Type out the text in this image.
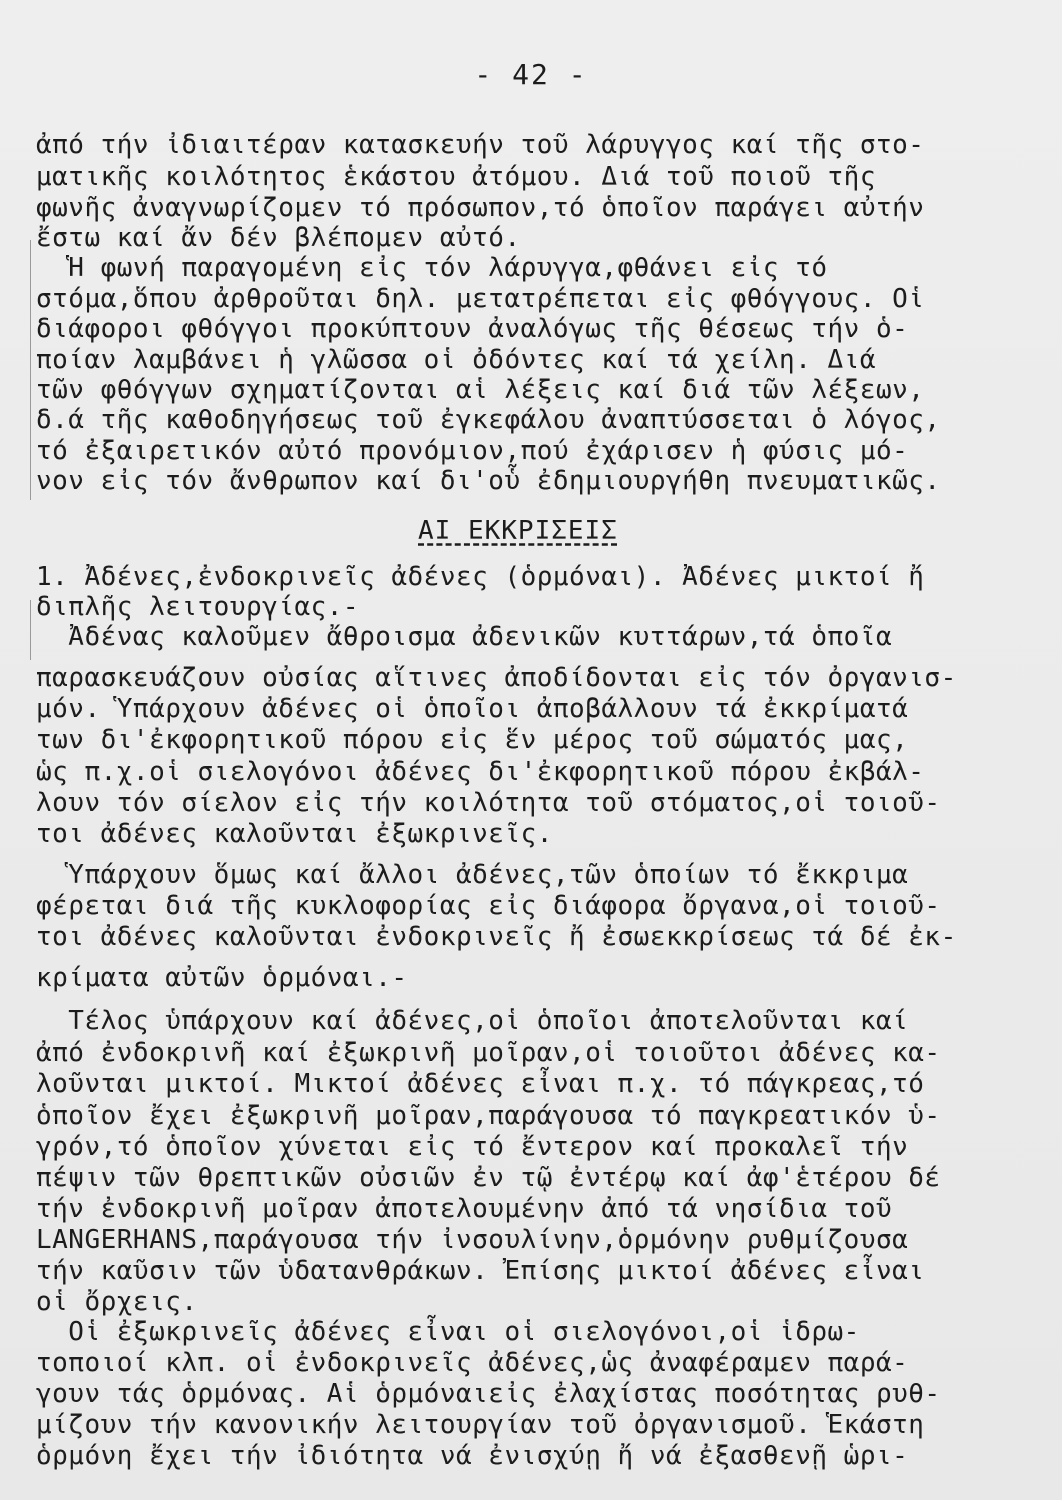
- 42 -
ἀπό τήν ἰδιαιτέραν κατασκευήν τοῦ λάρυγγος καί τῆς στο-
ματικῆς κοιλότητος ἑκάστου ἀτόμου. Διά τοῦ ποιοῦ τῆς
φωνῆς ἀναγνωρίζομεν τό πρόσωπον,τό ὁποῖον παράγει αὐτήν
ἔστω καί ἄν δέν βλέπομεν αὐτό.
Ἡ φωνή παραγομένη εἰς τόν λάρυγγα,φθάνει εἰς τό
στόμα,ὅπου ἀρθροῦται δηλ. μετατρέπεται εἰς φθόγγους. Οἱ
διάφοροι φθόγγοι προκύπτουν ἀναλόγως τῆς θέσεως τήν ὁ-
ποίαν λαμβάνει ἡ γλῶσσα οἱ ὀδόντες καί τά χείλη. Διά
τῶν φθόγγων σχηματίζονται αἱ λέξεις καί διά τῶν λέξεων,
δ.ά τῆς καθοδηγήσεως τοῦ ἐγκεφάλου ἀναπτύσσεται ὁ λόγος,
τό ἐξαιρετικόν αὐτό προνόμιον,πού ἐχάρισεν ἡ φύσις μό-
νον εἰς τόν ἄνθρωπον καί δι'οὗ ἐδημιουργήθη πνευματικῶς.
ΑΙ ΕΚΚΡΙΣΕΙΣ
1. Ἀδένες,ἐνδοκρινεῖς ἀδένες (ὁρμόναι). Ἀδένες μικτοί ἤ
διπλῆς λειτουργίας.-
Ἀδένας καλοῦμεν ἄθροισμα ἀδενικῶν κυττάρων,τά ὁποῖα
παρασκευάζουν οὐσίας αἵτινες ἀποδίδονται εἰς τόν ὀργανισ-
μόν. Ὑπάρχουν ἀδένες οἱ ὁποῖοι ἀποβάλλουν τά ἐκκρίματά
των δι'ἐκφορητικοῦ πόρου εἰς ἕν μέρος τοῦ σώματός μας,
ὡς π.χ.οἱ σιελογόνοι ἀδένες δι'ἐκφορητικοῦ πόρου ἐκβάλ-
λουν τόν σίελον εἰς τήν κοιλότητα τοῦ στόματος,οἱ τοιοῦ-
τοι ἀδένες καλοῦνται ἐξωκρινεῖς.
Ὑπάρχουν ὅμως καί ἄλλοι ἀδένες,τῶν ὁποίων τό ἔκκριμα
φέρεται διά τῆς κυκλοφορίας εἰς διάφορα ὄργανα,οἱ τοιοῦ-
τοι ἀδένες καλοῦνται ἐνδοκρινεῖς ἤ ἐσωεκκρίσεως τά δέ ἐκ-
κρίματα αὐτῶν ὁρμόναι.-
Τέλος ὑπάρχουν καί ἀδένες,οἱ ὁποῖοι ἀποτελοῦνται καί
ἀπό ἐνδοκρινῆ καί ἐξωκρινῆ μοῖραν,οἱ τοιοῦτοι ἀδένες κα-
λοῦνται μικτοί. Μικτοί ἀδένες εἶναι π.χ. τό πάγκρεας,τό
ὁποῖον ἔχει ἐξωκρινῆ μοῖραν,παράγουσα τό παγκρεατικόν ὑ-
γρόν,τό ὁποῖον χύνεται εἰς τό ἔντερον καί προκαλεῖ τήν
πέψιν τῶν θρεπτικῶν οὐσιῶν ἐν τῷ ἐντέρῳ καί ἀφ'ἑτέρου δέ
τήν ἐνδοκρινῆ μοῖραν ἀποτελουμένην ἀπό τά νησίδια τοῦ
LANGERHANS,παράγουσα τήν ἰνσουλίνην,ὁρμόνην ρυθμίζουσα
τήν καῦσιν τῶν ὑδατανθράκων. Ἐπίσης μικτοί ἀδένες εἶναι
οἱ ὄρχεις.
Οἱ ἐξωκρινεῖς ἀδένες εἶναι οἱ σιελογόνοι,οἱ ἱδρω-
τοποιοί κλπ. οἱ ἐνδοκρινεῖς ἀδένες,ὡς ἀναφέραμεν παρά-
γουν τάς ὁρμόνας. Αἱ ὁρμόναιεἰς ἐλαχίστας ποσότητας ρυθ-
μίζουν τήν κανονικήν λειτουργίαν τοῦ ὀργανισμοῦ. Ἑκάστη
ὁρμόνη ἔχει τήν ἰδιότητα νά ἐνισχύῃ ἤ νά ἐξασθενῇ ὡρι-
